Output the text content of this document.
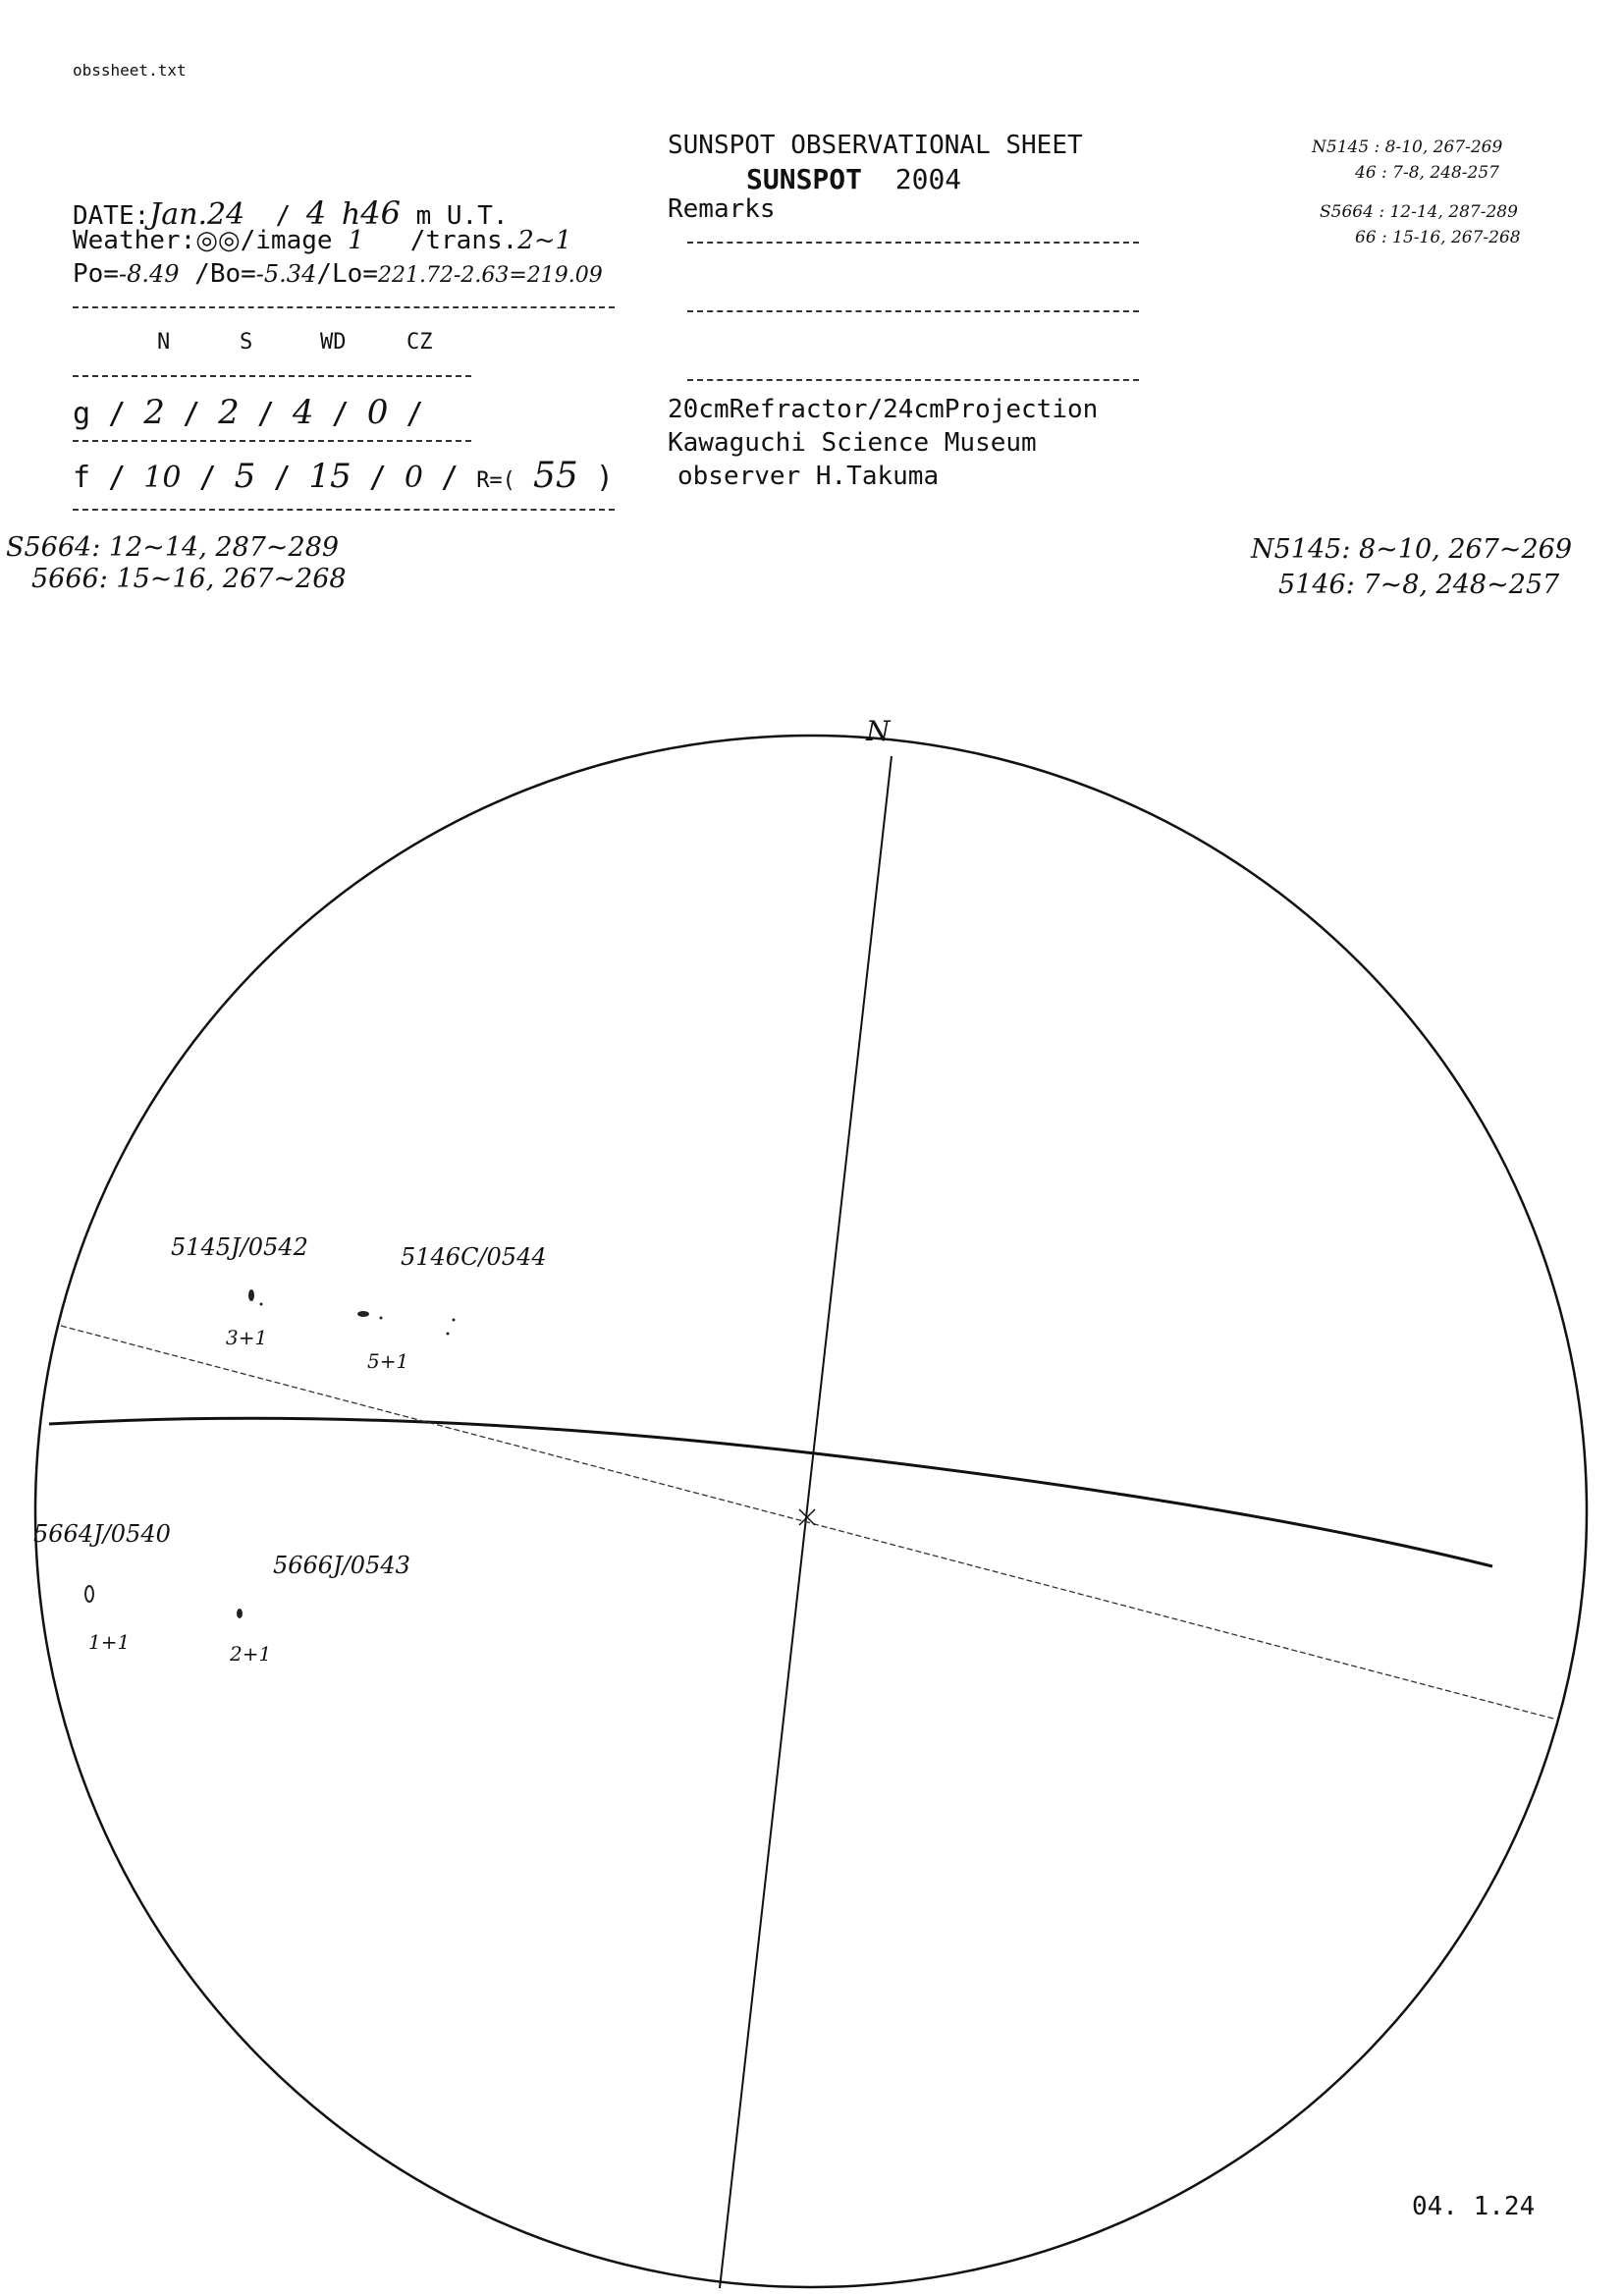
obssheet.txt
SUNSPOT OBSERVATIONAL SHEET
SUNSPOT 2004
Remarks
20cmRefractor/24cmProjection
Kawaguchi Science Museum
observer H.Takuma
N5145 : 8-10, 267-269
46 : 7-8, 248-257
S5664 : 12-14, 287-289
66 : 15-16, 267-268
DATE:Jan.24 / 4 h46 m U.T.
Weather:◎◎/image 1 /trans.2~1
Po=-8.49 /Bo=-5.34/Lo=221.72-2.63=219.09
N	S	WD	CZ
g / 2 / 2 / 4 / 0 /
f / 10 / 5 / 15 / 0 / R=( 55 )
S5664: 12~14, 287~289
5666: 15~16, 267~268
N5145: 8~10, 267~269
5146: 7~8, 248~257
N
5145J/0542
3+1
5146C/0544
5+1
5664J/0540
1+1
5666J/0543
2+1
04. 1.24
